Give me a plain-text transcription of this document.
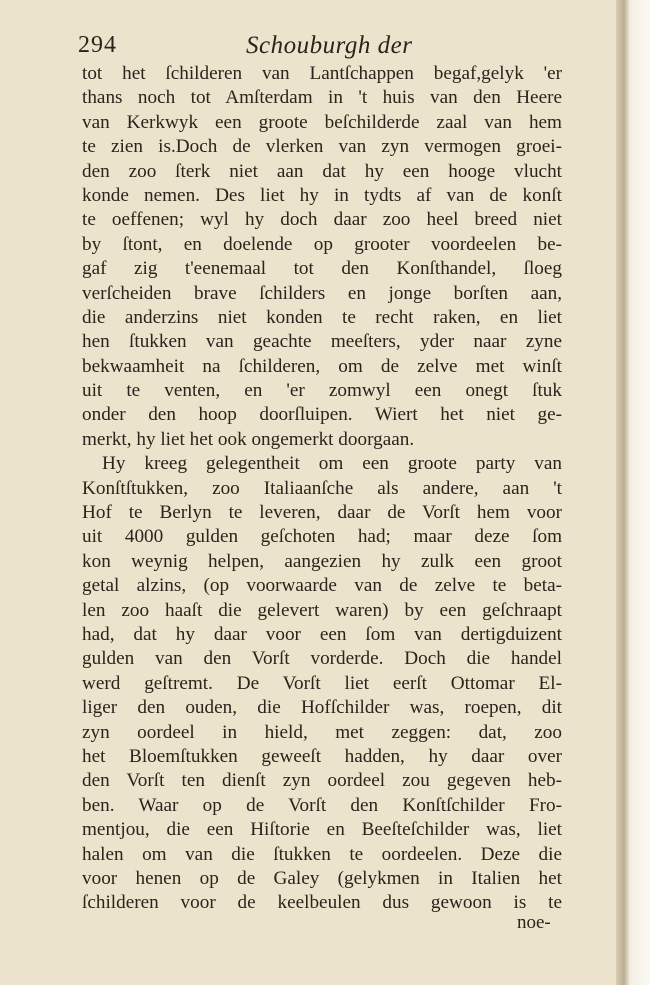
294	Schouburgh der
tot het ſchilderen van Lantſchappen begaf,gelyk 'er
thans noch tot Amſterdam in 't huis van den Heere
van Kerkwyk een groote beſchilderde zaal van hem
te zien is.Doch de vlerken van zyn vermogen groei-
den zoo ſterk niet aan dat hy een hooge vlucht
konde nemen. Des liet hy in tydts af van de konſt
te oeffenen; wyl hy doch daar zoo heel breed niet
by ſtont, en doelende op grooter voordeelen be-
gaf zig t'eenemaal tot den Konſthandel, ſloeg
verſcheiden brave ſchilders en jonge borſten aan,
die anderzins niet konden te recht raken, en liet
hen ſtukken van geachte meeſters, yder naar zyne
bekwaamheit na ſchilderen, om de zelve met winſt
uit te venten, en 'er zomwyl een onegt ſtuk
onder den hoop doorſluipen. Wiert het niet ge-
merkt, hy liet het ook ongemerkt doorgaan.
Hy kreeg gelegentheit om een groote party van
Konſtſtukken, zoo Italiaanſche als andere, aan 't
Hof te Berlyn te leveren, daar de Vorſt hem voor
uit 4000 gulden geſchoten had; maar deze ſom
kon weynig helpen, aangezien hy zulk een groot
getal alzins, (op voorwaarde van de zelve te beta-
len zoo haaſt die gelevert waren) by een geſchraapt
had, dat hy daar voor een ſom van dertigduizent
gulden van den Vorſt vorderde. Doch die handel
werd geſtremt. De Vorſt liet eerſt Ottomar El-
liger den ouden, die Hofſchilder was, roepen, dit
zyn oordeel in hield, met zeggen: dat, zoo
het Bloemſtukken geweeſt hadden, hy daar over
den Vorſt ten dienſt zyn oordeel zou gegeven heb-
ben. Waar op de Vorſt den Konſtſchilder Fro-
mentjou, die een Hiſtorie en Beeſteſchilder was, liet
halen om van die ſtukken te oordeelen. Deze die
voor henen op de Galey (gelykmen in Italien het
ſchilderen voor de keelbeulen dus gewoon is te
noe-
